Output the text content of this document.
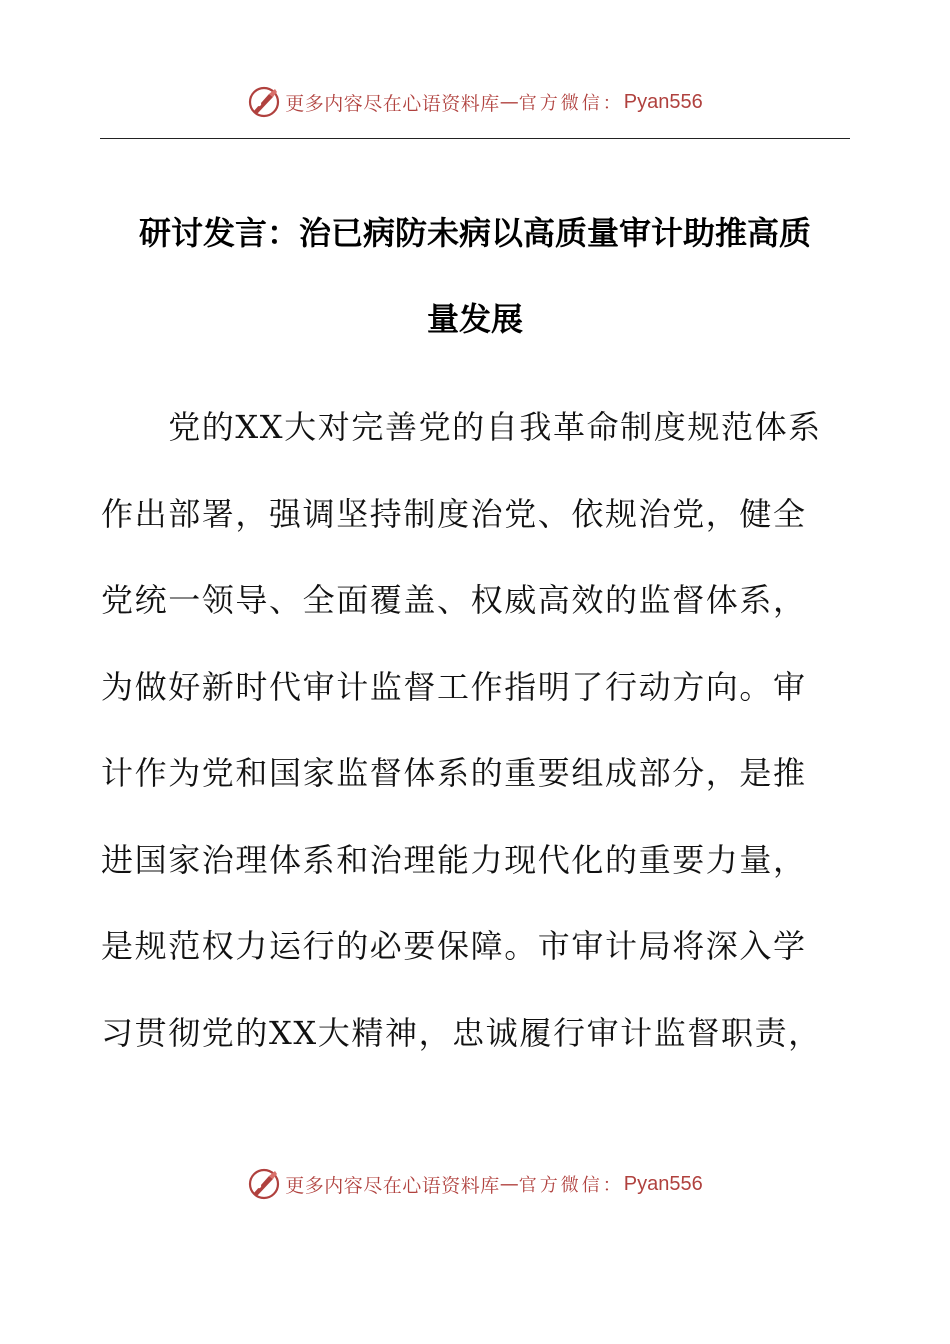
更多内容尽在心语资料库 — 官方微信： Pyan556
研讨发言：治已病防未病以高质量审计助推高质
量发展
　　党的XX大对完善党的自我革命制度规范体系
作出部署，强调坚持制度治党、依规治党，健全
党统一领导、全面覆盖、权威高效的监督体系，
为做好新时代审计监督工作指明了行动方向。审
计作为党和国家监督体系的重要组成部分，是推
进国家治理体系和治理能力现代化的重要力量，
是规范权力运行的必要保障。市审计局将深入学
习贯彻党的XX大精神，忠诚履行审计监督职责，
更多内容尽在心语资料库 — 官方微信： Pyan556
